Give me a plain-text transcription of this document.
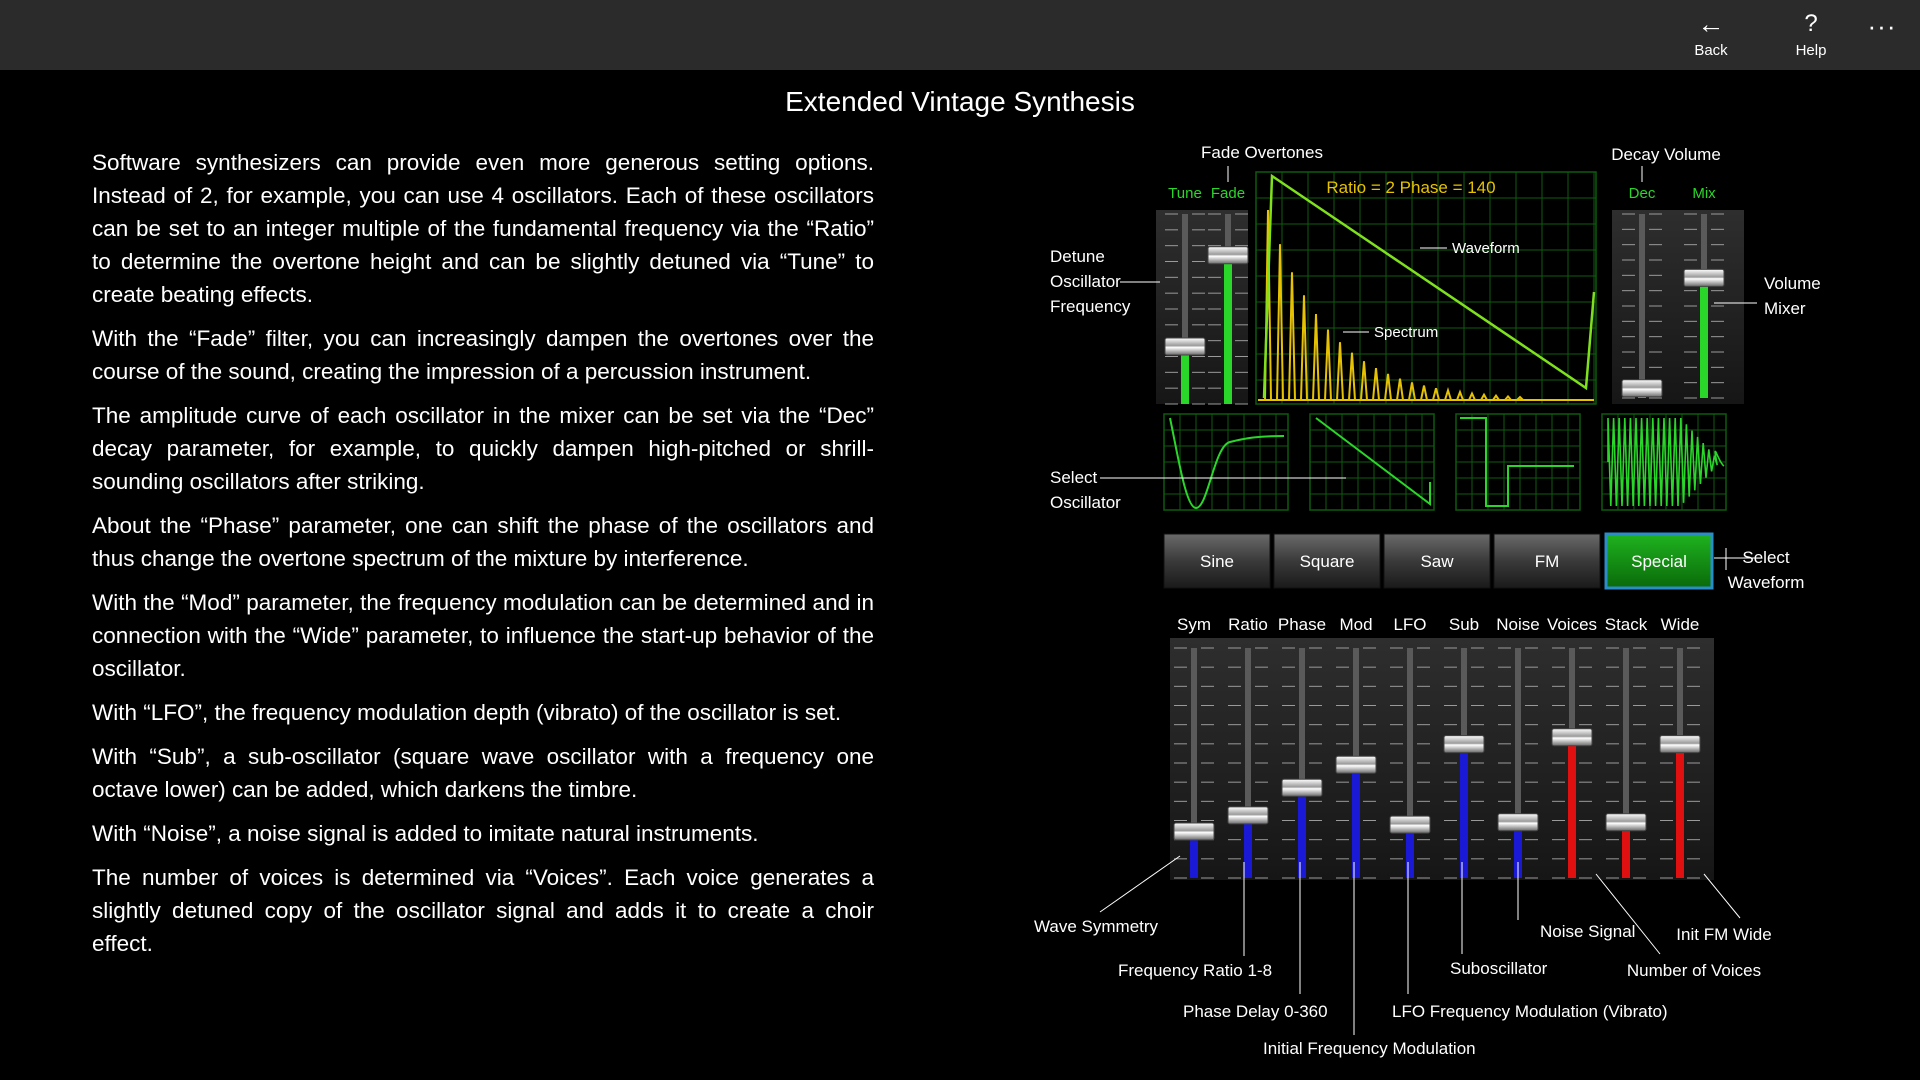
←
Back
?
Help
···
Extended Vintage Synthesis

Software synthesizers can provide even more generous setting options. Instead of 2, for example, you can use 4 oscillators. Each of these oscillators can be set to an integer multiple of the fundamental frequency via the “Ratio” to determine the overtone height and can be slightly detuned via “Tune” to create beating effects.

With the “Fade” filter, you can increasingly dampen the overtones over the course of the sound, creating the impression of a percussion instrument.

The amplitude curve of each oscillator in the mixer can be set via the “Dec” decay parameter, for example, to quickly dampen high-pitched or shrill-sounding oscillators after striking.

About the “Phase” parameter, one can shift the phase of the oscillators and thus change the overtone spectrum of the mixture by interference.

With the “Mod” parameter, the frequency modulation can be determined and in connection with the “Wide” parameter, to influence the start-up behavior of the oscillator.

With “LFO”, the frequency modulation depth (vibrato) of the oscillator is set.

With “Sub”, a sub-oscillator (square wave oscillator with a frequency one octave lower) can be added, which darkens the timbre.

With “Noise”, a noise signal is added to imitate natural instruments.

The number of voices is determined via “Voices”. Each voice generates a slightly detuned copy of the oscillator signal and adds it to create a choir effect.

Tune Fade	Dec Mix
Ratio = 2 Phase = 140
Waveform
Spectrum
Fade Overtones	Decay Volume
Detune
Oscillator
Frequency
Volume
Mixer
Select
Oscillator
Sine	Square	Saw	FM	Special	Select
Waveform
Sym Ratio Phase Mod LFO Sub Noise Voices Stack Wide
Wave Symmetry
Frequency Ratio 1-8
Phase Delay 0-360
Initial Frequency Modulation
LFO Frequency Modulation (Vibrato)
Suboscillator
Noise Signal
Number of Voices
Init FM Wide
